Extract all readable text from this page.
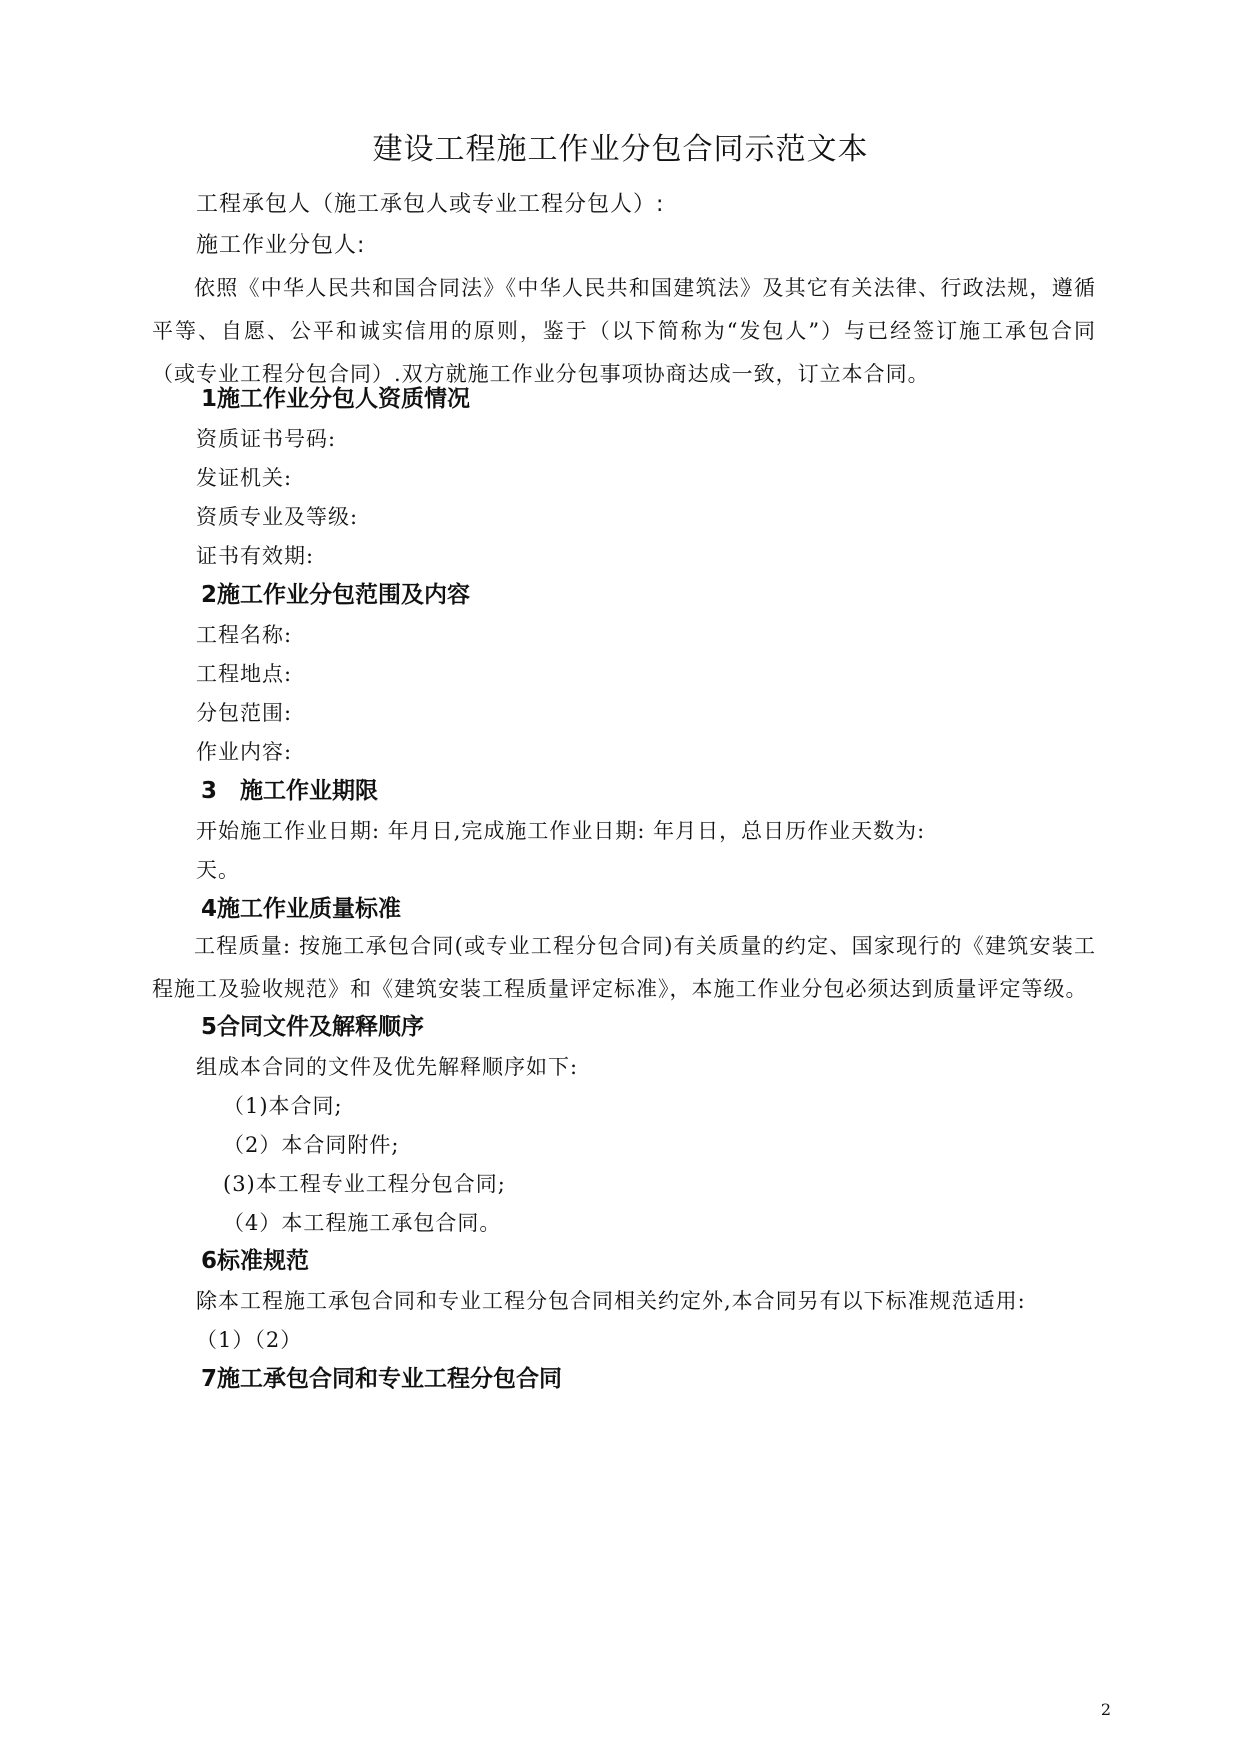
建设工程施工作业分包合同示范文本
工程承包人（施工承包人或专业工程分包人）:
施工作业分包人:
依照《中华人民共和国合同法》《中华人民共和国建筑法》及其它有关法律、行政法规，遵循平等、自愿、公平和诚实信用的原则，鉴于（以下简称为“发包人”）与已经签订施工承包合同（或专业工程分包合同）.双方就施工作业分包事项协商达成一致，订立本合同。
1施工作业分包人资质情况
资质证书号码:
发证机关:
资质专业及等级:
证书有效期:
2施工作业分包范围及内容
工程名称:
工程地点:
分包范围:
作业内容:
3　施工作业期限
开始施工作业日期: 年月日,完成施工作业日期: 年月日，总日历作业天数为:
天。
4施工作业质量标准
工程质量: 按施工承包合同(或专业工程分包合同)有关质量的约定、国家现行的《建筑安装工程施工及验收规范》和《建筑安装工程质量评定标准》，本施工作业分包必须达到质量评定等级。
5合同文件及解释顺序
组成本合同的文件及优先解释顺序如下:
（1)本合同;
（2）本合同附件;
(3)本工程专业工程分包合同;
（4）本工程施工承包合同。
6标准规范
除本工程施工承包合同和专业工程分包合同相关约定外,本合同另有以下标准规范适用:
（1）（2）
7施工承包合同和专业工程分包合同
2
